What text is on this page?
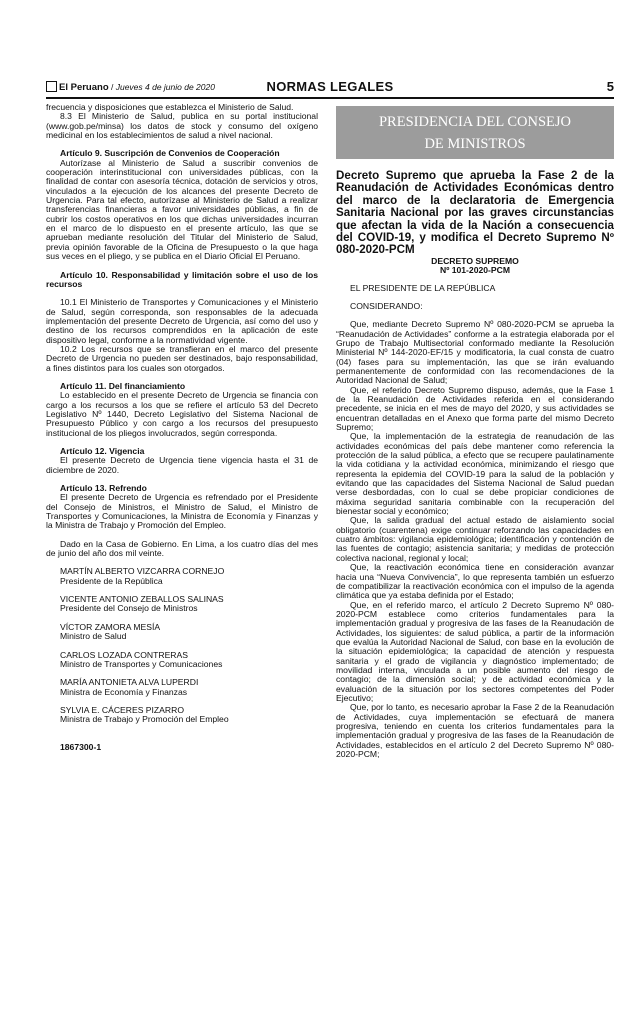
El Peruano / Jueves 4 de junio de 2020	NORMAS LEGALES	5

frecuencia y disposiciones que establezca el Ministerio de Salud.

8.3 El Ministerio de Salud, publica en su portal institucional (www.gob.pe/minsa) los datos de stock y consumo del oxígeno medicinal en los establecimientos de salud a nivel nacional.

Artículo 9. Suscripción de Convenios de Cooperación

Autorízase al Ministerio de Salud a suscribir convenios de cooperación interinstitucional con universidades públicas, con la finalidad de contar con asesoría técnica, dotación de servicios y otros, vinculados a la ejecución de los alcances del presente Decreto de Urgencia. Para tal efecto, autorízase al Ministerio de Salud a realizar transferencias financieras a favor universidades públicas, a fin de cubrir los costos operativos en los que dichas universidades incurran en el marco de lo dispuesto en el presente artículo, las que se aprueban mediante resolución del Titular del Ministerio de Salud, previa opinión favorable de la Oficina de Presupuesto o la que haga sus veces en el pliego, y se publica en el Diario Oficial El Peruano.

Artículo 10. Responsabilidad y limitación sobre el uso de los recursos

10.1 El Ministerio de Transportes y Comunicaciones y el Ministerio de Salud, según corresponda, son responsables de la adecuada implementación del presente Decreto de Urgencia, así como del uso y destino de los recursos comprendidos en la aplicación de este dispositivo legal, conforme a la normatividad vigente.

10.2 Los recursos que se transfieran en el marco del presente Decreto de Urgencia no pueden ser destinados, bajo responsabilidad, a fines distintos para los cuales son otorgados.

Artículo 11. Del financiamiento

Lo establecido en el presente Decreto de Urgencia se financia con cargo a los recursos a los que se refiere el artículo 53 del Decreto Legislativo Nº 1440, Decreto Legislativo del Sistema Nacional de Presupuesto Público y con cargo a los recursos del presupuesto institucional de los pliegos involucrados, según corresponda.

Artículo 12. Vigencia

El presente Decreto de Urgencia tiene vigencia hasta el 31 de diciembre de 2020.

Artículo 13. Refrendo

El presente Decreto de Urgencia es refrendado por el Presidente del Consejo de Ministros, el Ministro de Salud, el Ministro de Transportes y Comunicaciones, la Ministra de Economía y Finanzas y la Ministra de Trabajo y Promoción del Empleo.

Dado en la Casa de Gobierno. En Lima, a los cuatro días del mes de junio del año dos mil veinte.

MARTÍN ALBERTO VIZCARRA CORNEJO
Presidente de la República
VICENTE ANTONIO ZEBALLOS SALINAS
Presidente del Consejo de Ministros
VÍCTOR ZAMORA MESÍA
Ministro de Salud
CARLOS LOZADA CONTRERAS
Ministro de Transportes y Comunicaciones
MARÍA ANTONIETA ALVA LUPERDI
Ministra de Economía y Finanzas
SYLVIA E. CÁCERES PIZARRO
Ministra de Trabajo y Promoción del Empleo

1867300-1

PRESIDENCIA DEL CONSEJO
DE MINISTROS

Decreto Supremo que aprueba la Fase 2 de la Reanudación de Actividades Económicas dentro del marco de la declaratoria de Emergencia Sanitaria Nacional por las graves circunstancias que afectan la vida de la Nación a consecuencia del COVID-19, y modifica el Decreto Supremo Nº 080-2020-PCM

DECRETO SUPREMO
Nº 101-2020-PCM

EL PRESIDENTE DE LA REPÚBLICA

CONSIDERANDO:

Que, mediante Decreto Supremo Nº 080-2020-PCM se aprueba la “Reanudación de Actividades” conforme a la estrategia elaborada por el Grupo de Trabajo Multisectorial conformado mediante la Resolución Ministerial Nº 144-2020-EF/15 y modificatoria, la cual consta de cuatro (04) fases para su implementación, las que se irán evaluando permanentemente de conformidad con las recomendaciones de la Autoridad Nacional de Salud;

Que, el referido Decreto Supremo dispuso, además, que la Fase 1 de la Reanudación de Actividades referida en el considerando precedente, se inicia en el mes de mayo del 2020, y sus actividades se encuentran detalladas en el Anexo que forma parte del mismo Decreto Supremo;

Que, la implementación de la estrategia de reanudación de las actividades económicas del país debe mantener como referencia la protección de la salud pública, a efecto que se recupere paulatinamente la vida cotidiana y la actividad económica, minimizando el riesgo que representa la epidemia del COVID-19 para la salud de la población y evitando que las capacidades del Sistema Nacional de Salud puedan verse desbordadas, con lo cual se debe propiciar condiciones de máxima seguridad sanitaria combinable con la recuperación del bienestar social y económico;

Que, la salida gradual del actual estado de aislamiento social obligatorio (cuarentena) exige continuar reforzando las capacidades en cuatro ámbitos: vigilancia epidemiológica; identificación y contención de las fuentes de contagio; asistencia sanitaria; y medidas de protección colectiva nacional, regional y local;

Que, la reactivación económica tiene en consideración avanzar hacia una “Nueva Convivencia”, lo que representa también un esfuerzo de compatibilizar la reactivación económica con el impulso de la agenda climática que ya estaba definida por el Estado;

Que, en el referido marco, el artículo 2 Decreto Supremo Nº 080-2020-PCM establece como criterios fundamentales para la implementación gradual y progresiva de las fases de la Reanudación de Actividades, los siguientes: de salud pública, a partir de la información que evalúa la Autoridad Nacional de Salud, con base en la evolución de la situación epidemiológica; la capacidad de atención y respuesta sanitaria y el grado de vigilancia y diagnóstico implementado; de movilidad interna, vinculada a un posible aumento del riesgo de contagio; de la dimensión social; y de actividad económica y la evaluación de la situación por los sectores competentes del Poder Ejecutivo;

Que, por lo tanto, es necesario aprobar la Fase 2 de la Reanudación de Actividades, cuya implementación se efectuará de manera progresiva, teniendo en cuenta los criterios fundamentales para la implementación gradual y progresiva de las fases de la Reanudación de Actividades, establecidos en el artículo 2 del Decreto Supremo Nº 080-2020-PCM;
